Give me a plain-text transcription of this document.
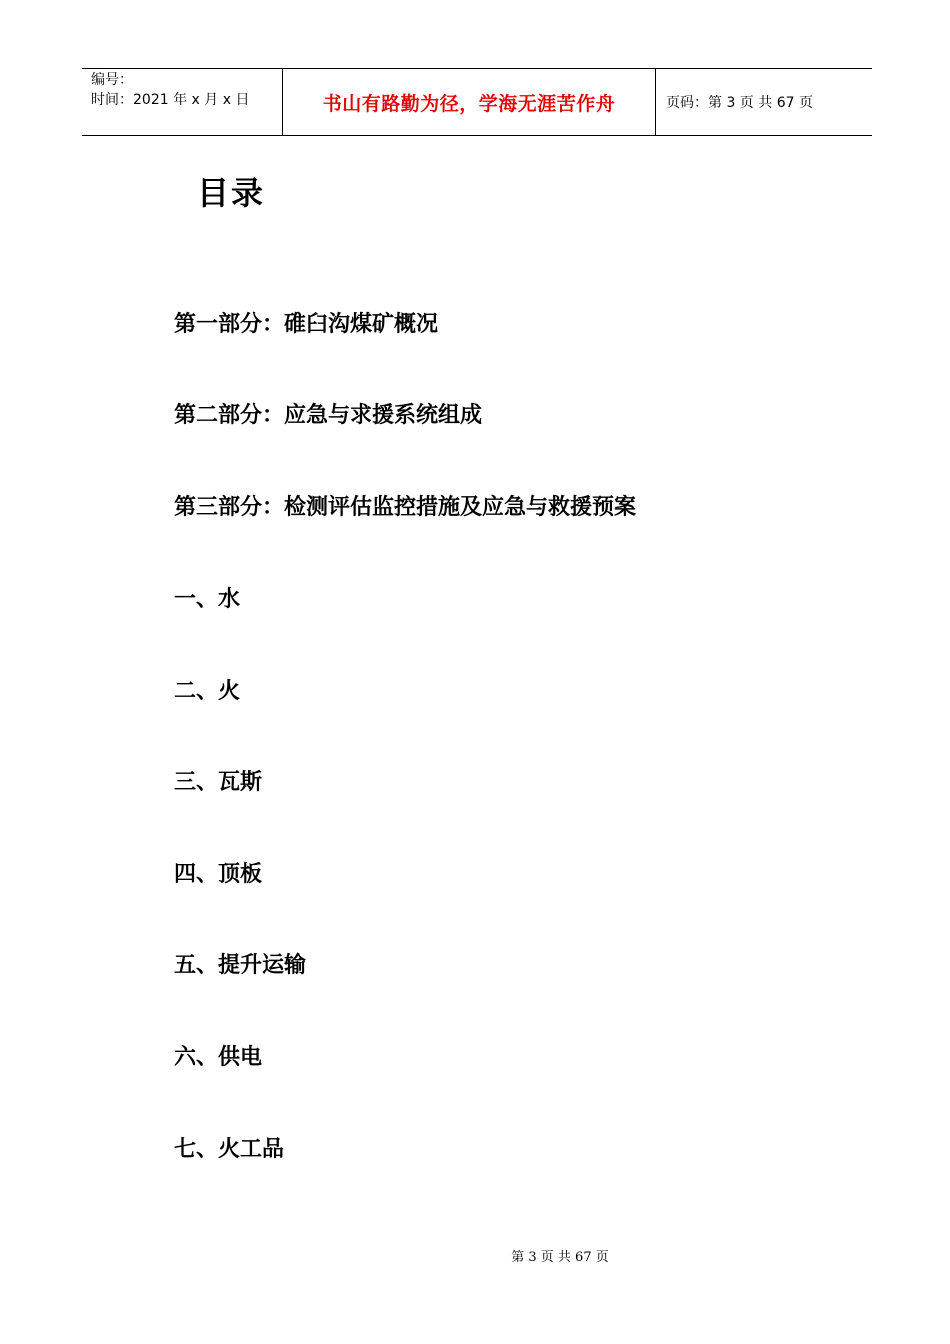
编号：
时间：2021 年 x 月 x 日	书山有路勤为径，学海无涯苦作舟	页码：第 3 页 共 67 页
目录

第一部分：碓臼沟煤矿概况

第二部分：应急与求援系统组成

第三部分：检测评估监控措施及应急与救援预案

一、水

二、火

三、瓦斯

四、顶板

五、提升运输

六、供电

七、火工品

第 3 页 共 67 页
